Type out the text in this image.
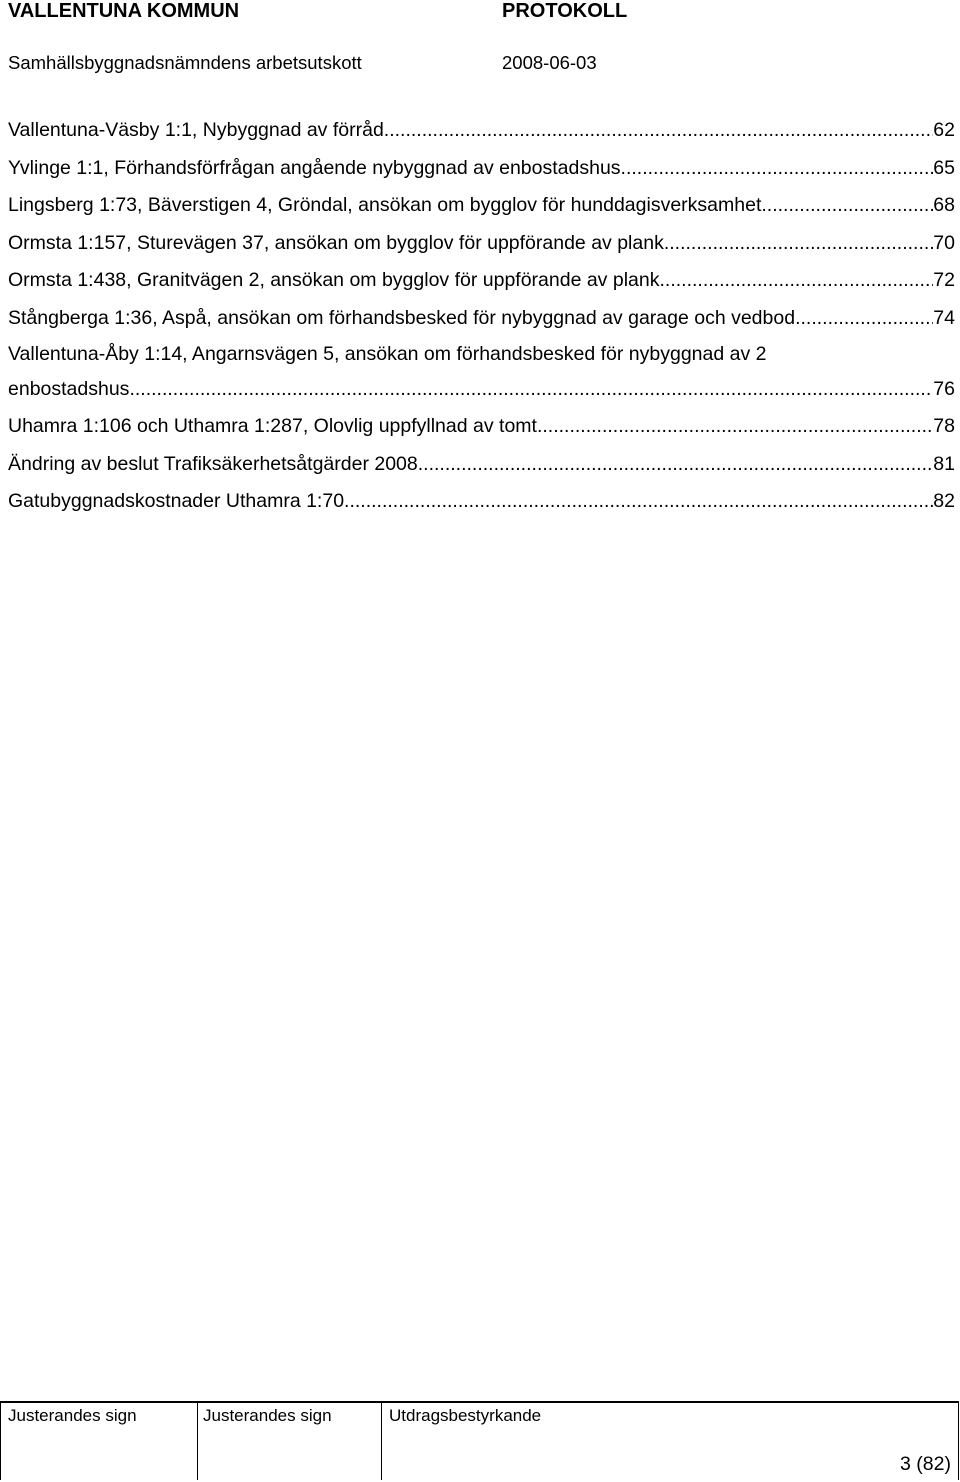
VALLENTUNA KOMMUN	PROTOKOLL
Samhällsbyggnadsnämndens arbetsutskott	2008-06-03
Vallentuna-Väsby 1:1, Nybyggnad av förråd .....	62
Yvlinge 1:1, Förhandsförfrågan angående nybyggnad av enbostadshus .....	65
Lingsberg 1:73, Bäverstigen 4, Gröndal, ansökan om bygglov för hunddagisverksamhet .....	68
Ormsta 1:157, Sturevägen 37, ansökan om bygglov för uppförande av plank .....	70
Ormsta 1:438, Granitvägen 2, ansökan om bygglov för uppförande av plank .....	72
Stångberga 1:36, Aspå, ansökan om förhandsbesked för nybyggnad av garage och vedbod .....	74
Vallentuna-Åby 1:14, Angarnsvägen 5, ansökan om förhandsbesked för nybyggnad av 2
enbostadshus .....	76
Uhamra 1:106 och Uthamra 1:287, Olovlig uppfyllnad av tomt .....	78
Ändring av beslut Trafiksäkerhetsåtgärder 2008 .....	81
Gatubyggnadskostnader Uthamra 1:70 .....	82
Justerandes sign	Justerandes sign	Utdragsbestyrkande
3 (82)
